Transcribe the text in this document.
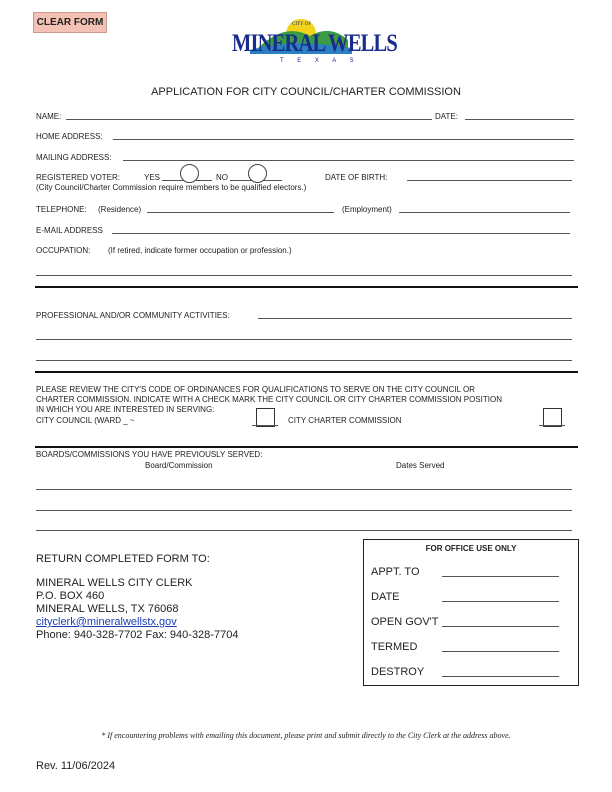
CLEAR FORM	CITY OF
MINERAL WELLS
T E X A S
APPLICATION FOR CITY COUNCIL/CHARTER COMMISSION
NAME:	DATE:
HOME ADDRESS:
MAILING ADDRESS:
REGISTERED VOTER:	YES	NO	DATE OF BIRTH:
(City Council/Charter Commission require members to be qualified electors.)
TELEPHONE: (Residence)	(Employment)
E-MAIL ADDRESS
OCCUPATION: (If retired, indicate former occupation or profession.)
PROFESSIONAL AND/OR COMMUNITY ACTIVITIES:
PLEASE REVIEW THE CITY'S CODE OF ORDINANCES FOR QUALIFICATIONS TO SERVE ON THE CITY COUNCIL OR
CHARTER COMMISSION. INDICATE WITH A CHECK MARK THE CITY COUNCIL OR CITY CHARTER COMMISSION POSITION
IN WHICH YOU ARE INTERESTED IN SERVING:
CITY COUNCIL (WARD _ ~	CITY CHARTER COMMISSION
BOARDS/COMMISSIONS YOU HAVE PREVIOUSLY SERVED:
Board/Commission	Dates Served
RETURN COMPLETED FORM TO:
MINERAL WELLS CITY CLERK
P.O. BOX 460
MINERAL WELLS, TX 76068
cityclerk@mineralwellstx.gov
Phone: 940-328-7702 Fax: 940-328-7704
FOR OFFICE USE ONLY
APPT. TO
DATE
OPEN GOV'T
TERMED
DESTROY
* If encountering problems with emailing this document, please print and submit directly to the City Clerk at the address above.
Rev. 11/06/2024
